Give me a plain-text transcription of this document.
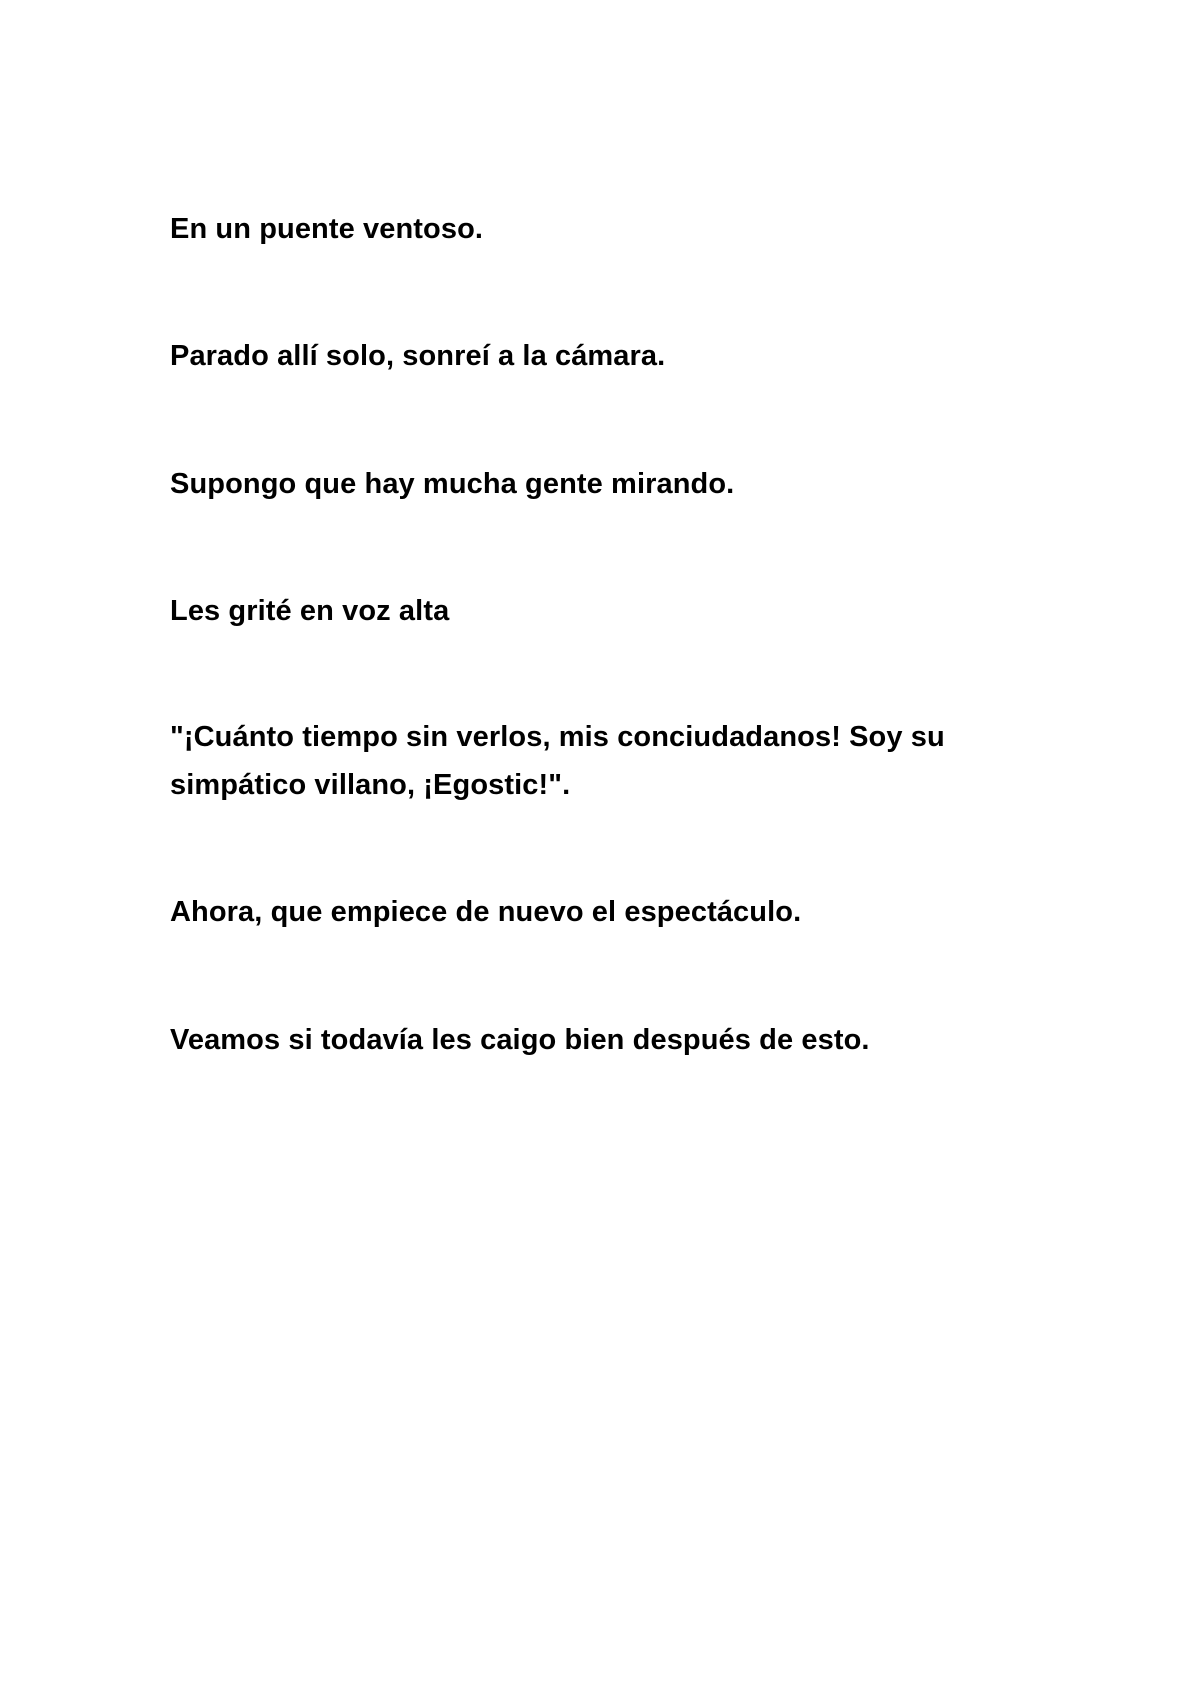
En un puente ventoso.

Parado allí solo, sonreí a la cámara.

Supongo que hay mucha gente mirando.

Les grité en voz alta

"¡Cuánto tiempo sin verlos, mis conciudadanos! Soy su simpático villano, ¡Egostic!".

Ahora, que empiece de nuevo el espectáculo.

Veamos si todavía les caigo bien después de esto.
